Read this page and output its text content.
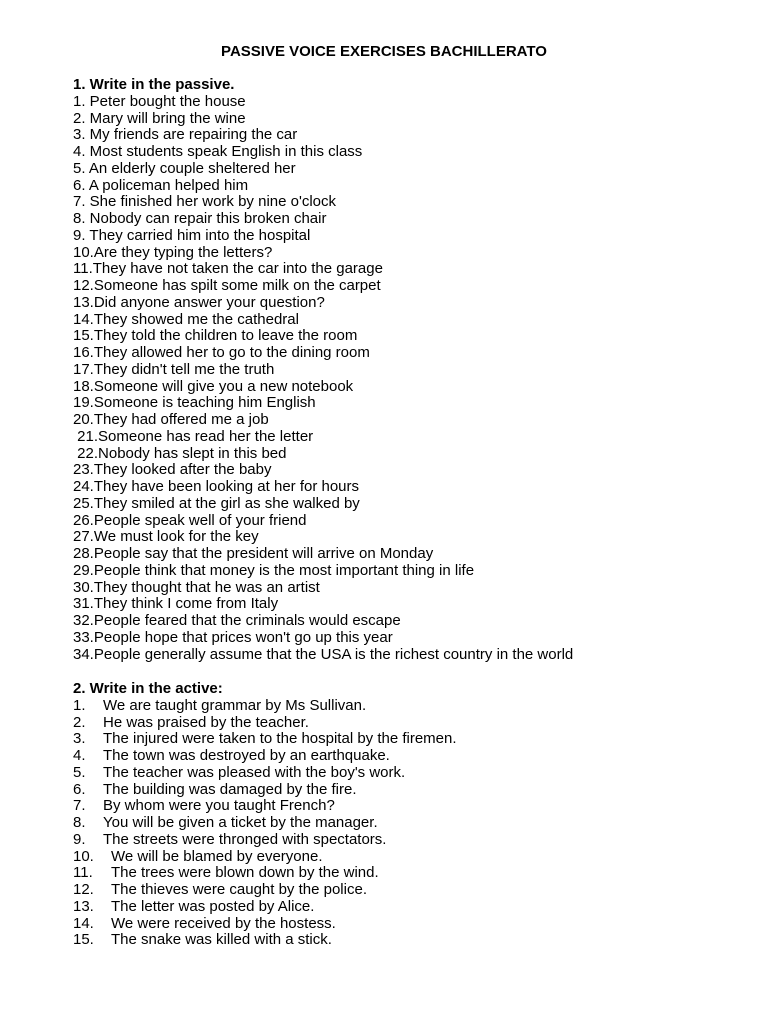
PASSIVE VOICE EXERCISES BACHILLERATO
1. Write in the passive.
1. Peter bought the house
2. Mary will bring the wine
3. My friends are repairing the car
4. Most students speak English in this class
5. An elderly couple sheltered her
6. A policeman helped him
7. She finished her work by nine o'clock
8. Nobody can repair this broken chair
9. They carried him into the hospital
10.Are they typing the letters?
11.They have not taken the car into the garage
12.Someone has spilt some milk on the carpet
13.Did anyone answer your question?
14.They showed me the cathedral
15.They told the children to leave the room
16.They allowed her to go to the dining room
17.They didn't tell me the truth
18.Someone will give you a new notebook
19.Someone is teaching him English
20.They had offered me a job
21.Someone has read her the letter
22.Nobody has slept in this bed
23.They looked after the baby
24.They have been looking at her for hours
25.They smiled at the girl as she walked by
26.People speak well of your friend
27.We must look for the key
28.People say that the president will arrive on Monday
29.People think that money is the most important thing in life
30.They thought that he was an artist
31.They think I come from Italy
32.People feared that the criminals would escape
33.People hope that prices won't go up this year
34.People generally assume that the USA is the richest country in the world
2. Write in the active:
1. We are taught grammar by Ms Sullivan.
2. He was praised by the teacher.
3. The injured were taken to the hospital by the firemen.
4. The town was destroyed by an earthquake.
5. The teacher was pleased with the boy's work.
6. The building was damaged by the fire.
7. By whom were you taught French?
8. You will be given a ticket by the manager.
9. The streets were thronged with spectators.
10. We will be blamed by everyone.
11. The trees were blown down by the wind.
12. The thieves were caught by the police.
13. The letter was posted by Alice.
14. We were received by the hostess.
15. The snake was killed with a stick.
